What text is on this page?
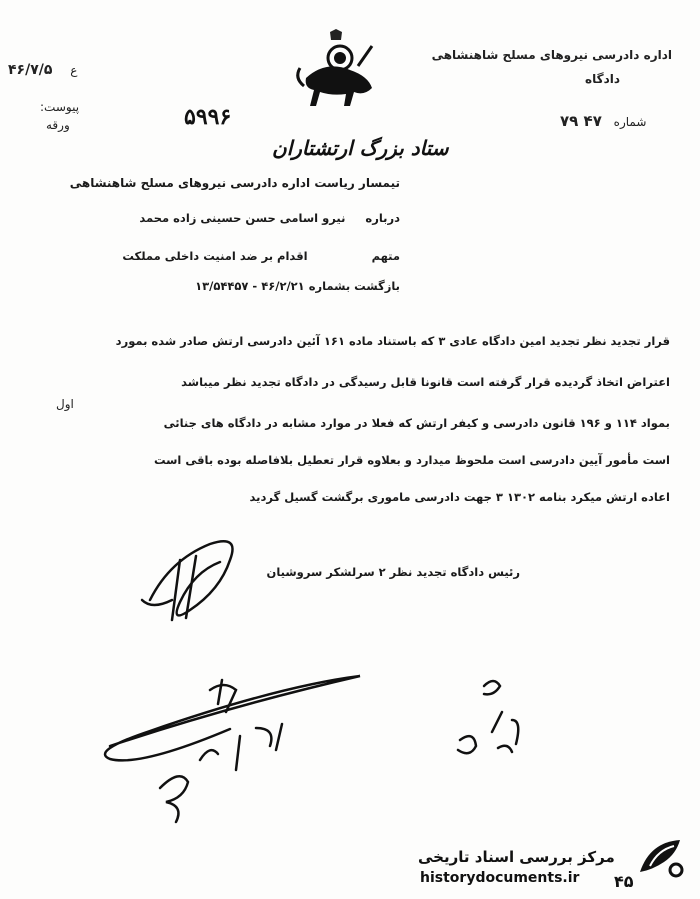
۴۶/۷/۵ ع
پیوست:
ورقه
اداره دادرسی نیروهای مسلح شاهنشاهی
دادگاه
۷۹ ۴۷ شماره
۵۹۹۶
ستاد بزرگ ارتشتاران
تیمسار ریاست اداره دادرسی نیروهای مسلح شاهنشاهی
درباره نیرو اسامی حسن حسینی زاده محمد
متهم اقدام بر ضد امنیت داخلی مملکت
بازگشت بشماره ۴۶/۲/۲۱ - ۱۳/۵۴۴۵۷
قرار تجدید نظر تجدید امین دادگاه عادی ۳ که باستناد ماده ۱۶۱ آئین دادرسی ارتش صادر شده بمورد
اعتراض اتخاذ گردیده قرار گرفته است قانونا قابل رسیدگی در دادگاه تجدید نظر میباشد
اول
بمواد ۱۱۴ و ۱۹۶ قانون دادرسی و کیفر ارتش که فعلا در موارد مشابه در دادگاه های جنائی
است مأمور آیین دادرسی است ملحوظ میدارد و بعلاوه قرار تعطیل بلافاصله بوده باقی است
اعاده ارتش میکرد بنامه ۱۳۰۲ ۳ جهت دادرسی ماموری برگشت گسیل گردید
رئیس دادگاه تجدید نظر ۲ سرلشکر سروشیان
مرکز بررسی اسناد تاریخی
historydocuments.ir ۴۵
